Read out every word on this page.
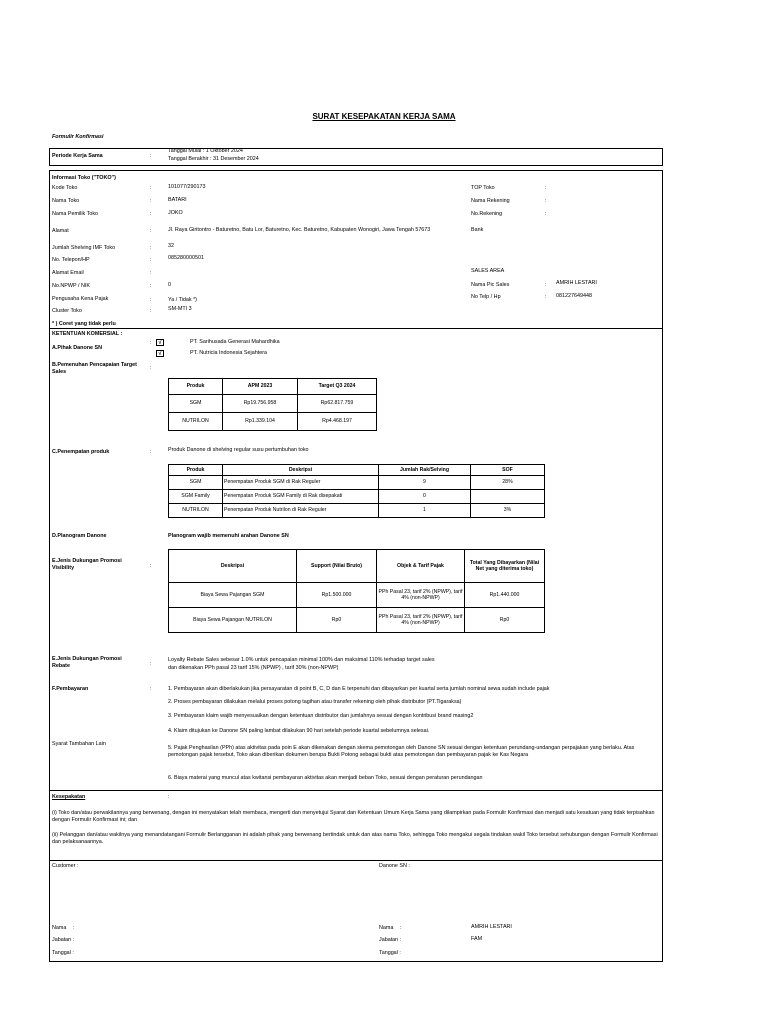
SURAT KESEPAKATAN KERJA SAMA
Formulir Konfirmasi
Periode Kerja Sama	:
Tanggal Mulai : 1 Oktober 2024
Tanggal Berakhir : 31 Desember 2024
Informasi Toko ("TOKO")
Kode Toko	:	101077/290173
Nama Toko	:	BATARI
Nama Pemilik Toko	:	JOKO
Alamat	:	Jl. Raya Giritontro - Baturetno, Batu Lor, Baturetno, Kec. Baturetno, Kabupaten Wonogiri, Jawa Tengah 57673
Jumlah Shelving IMF Toko	:	32
No. Telepon/HP	:	085280000501
Alamat Email	:
No.NPWP / NIK	:	0
Pengusaha Kena Pajak	:	Ya / Tidak *)
Cluster Toko	:	SM-MTI 3
* ) Coret yang tidak perlu
TOP Toko	:
Nama Rekening	:
No.Rekening	:
Bank
SALES AREA
Nama Pic Sales	: AMRIH LESTARI
No Telp / Hp	: 081227649448
KETENTUAN KOMERSIAL :
A.Pihak Danone SN
:	√	PT. Sarihusada Generasi Mahardhika
√	PT. Nutricia Indonesia Sejahtera
B.Pemenuhan Pencapaian Target Sales
:
Produk	APM 2023	Target Q3 2024
SGM	Rp19.756.958	Rp62.817.759
NUTRILON	Rp1.339.104	Rp4.468.197
C.Penempatan produk	:	Produk Danone di shelving regular susu pertumbuhan toko
Produk	Deskripsi	Jumlah Rak/Selving	SOF
SGM	Penempatan Produk SGM di Rak Reguler	9	28%
SGM Family	Penempatan Produk SGM Family di Rak disepakati	0	
NUTRILON	Penempatan Produk Nutrilon di Rak Reguler	1	3%
D.Planogram Danone	Planogram wajib memenuhi arahan Danone SN
E.Jenis Dukungan Promosi Visibility	:	Deskripsi	Support (Nilai Bruto)	Objek & Tarif Pajak	Total Yang Dibayarkan (Nilai Net yang diterima toko)
Biaya Sewa Pajangan SGM	Rp1.500.000	PPh Pasal 23, tarif 2% (NPWP), tarif 4% (non-NPWP)	Rp1.440.000
Biaya Sewa Pajangan NUTRILON	Rp0	PPh Pasal 23, tarif 2% (NPWP), tarif 4% (non-NPWP)	Rp0
E.Jenis Dukungan Promosi Rebate	:
Loyalty Rebate Sales sebesar 1.0% untuk pencapaian minimal 100% dan maksimal 110% terhadap target sales
dan dikenakan PPh pasal 23 tarif 15% (NPWP) , tarif 30% (non-NPWP)
F.Pembayaran	:	1. Pembayaran akan diberlakukan jika persayaratan di point B, C, D dan E terpenuhi dan dibayarkan per kuartal serta jumlah nominal sewa sudah include pajak
2. Proses pembayaran dilakukan melalui proses potong tagihan atau transfer rekening oleh pihak distributor (PT.Tigaraksa)
3. Pembayaran klaim wajib menyesuaikan dengan ketentuan distributor dan jumlahnya sesuai dengan kontribusi brand masing2
4. Klaim ditujukan ke Danone SN paling lambat dilakukan 90 hari setelah periode kuartal sebelumnya selesai.
Syarat Tambahan Lain
5. Pajak Penghasilan (PPh) atas aktivitas pada poin E akan dikenakan dengan skema pemotongan oleh Danone SN sesuai dengan ketentuan perundang-undangan perpajakan yang berlaku. Atas pemotongan pajak tersebut, Toko akan diberikan dokumen berupa Bukti Potong sebagai bukti atas pemotongan dan pembayaran pajak ke Kas Negara
6. Biaya materai yang muncul atas kwitansi pembayaran aktivitas akan menjadi beban Toko, sesuai dengan peraturan perundangan
Kesepakatan	:
(i) Toko dan/atau perwakilannya yang berwenang, dengan ini menyatakan telah membaca, mengerti dan menyetujui Syarat dan Ketentuan Umum Kerja Sama yang dilampirkan pada Formulir Konfirmasi dan menjadi satu kesatuan yang tidak terpisahkan dengan Formulir Konfirmasi ini; dan
(ii) Pelanggan dan/atau wakilnya yang menandatangani Formulir Berlangganan ini adalah pihak yang berwenang bertindak untuk dan atas nama Toko, sehingga Toko mengakui segala tindakan wakil Toko tersebut sehubungan dengan Formulir Konfirmasi dan pelaksanaannya.
Customer :	Danone SN :
Nama :
Jabatan :
Tanggal :
Nama :	AMRIH LESTARI
Jabatan :	FAM
Tanggal :
